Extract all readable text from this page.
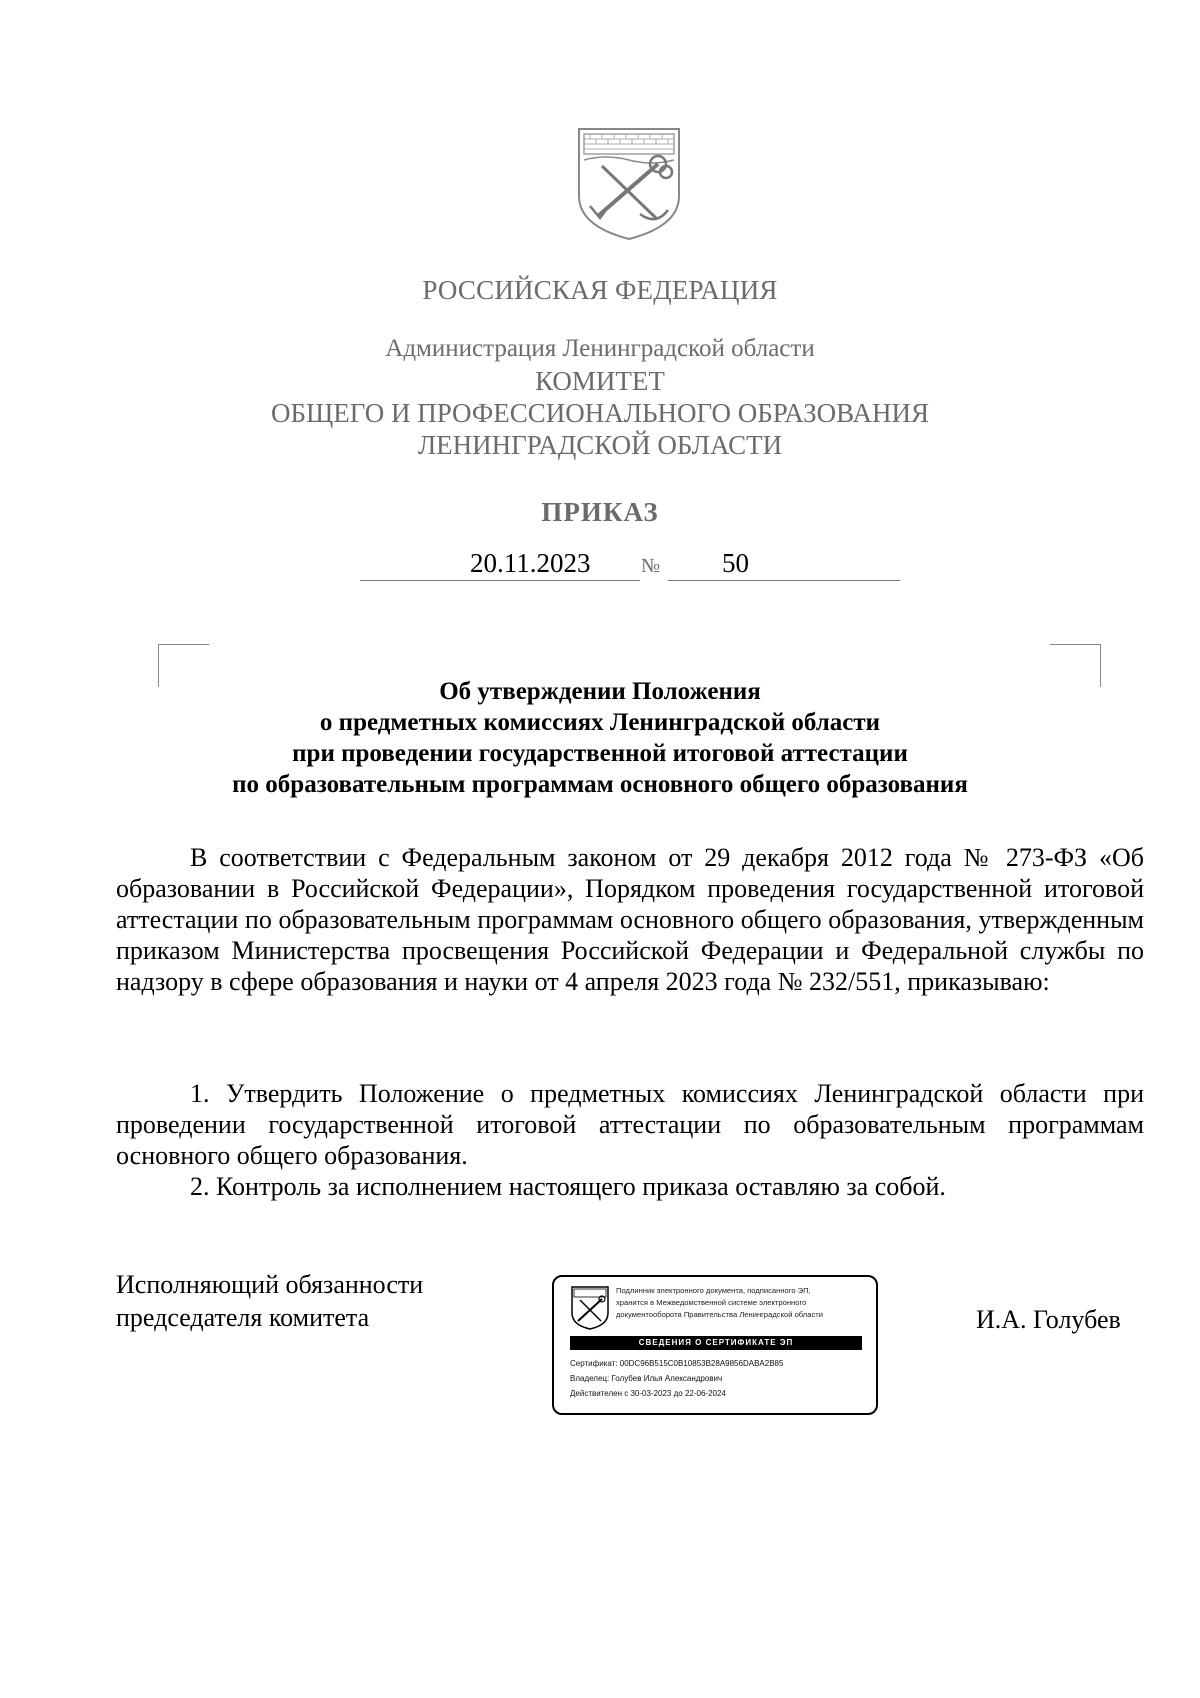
РОССИЙСКАЯ ФЕДЕРАЦИЯ
Администрация Ленинградской области
КОМИТЕТ
ОБЩЕГО И ПРОФЕССИОНАЛЬНОГО ОБРАЗОВАНИЯ
ЛЕНИНГРАДСКОЙ ОБЛАСТИ
ПРИКАЗ
20.11.2023	№ 50
Об утверждении Положения
о предметных комиссиях Ленинградской области
при проведении государственной итоговой аттестации
по образовательным программам основного общего образования
В соответствии с Федеральным законом от 29 декабря 2012 года № 273-ФЗ «Об образовании в Российской Федерации», Порядком проведения государственной итоговой аттестации по образовательным программам основного общего образования, утвержденным приказом Министерства просвещения Российской Федерации и Федеральной службы по надзору в сфере образования и науки от 4 апреля 2023 года № 232/551, приказываю:
1. Утвердить Положение о предметных комиссиях Ленинградской области при проведении государственной итоговой аттестации по образовательным программам основного общего образования.
2. Контроль за исполнением настоящего приказа оставляю за собой.
Исполняющий обязанности
председателя комитета	И.А. Голубев
Подлинник электронного документа, подписанного ЭП,
хранится в Межведомственной системе электронного
документооборота Правительства Ленинградской области
СВЕДЕНИЯ О СЕРТИФИКАТЕ ЭП
Сертификат: 00DC96B515C0B10853B28A9856DABA2B85
Владелец: Голубев Илья Александрович
Действителен с 30-03-2023 до 22-06-2024
